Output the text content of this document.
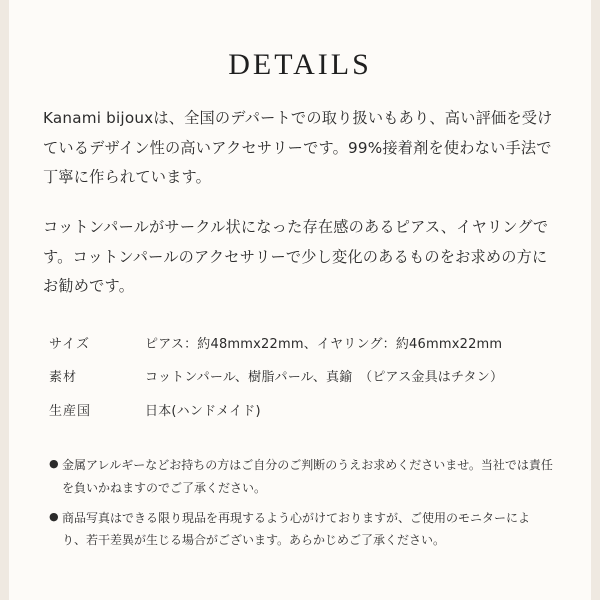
DETAILS

Kanami bijouxは、全国のデパートでの取り扱いもあり、高い評価を受けているデザイン性の高いアクセサリーです。99%接着剤を使わない手法で丁寧に作られています。

コットンパールがサークル状になった存在感のあるピアス、イヤリングです。コットンパールのアクセサリーで少し変化のあるものをお求めの方にお勧めです。

サイズ	ピアス：約48mmx22mm、イヤリング：約46mmx22mm
素材	コットンパール、樹脂パール、真鍮　（ピアス金具はチタン）
生産国	日本(ハンドメイド)
● 金属アレルギーなどお持ちの方はご自分のご判断のうえお求めくださいませ。当社では責任を負いかねますのでご了承ください。
● 商品写真はできる限り現品を再現するよう心がけておりますが、ご使用のモニターにより、若干差異が生じる場合がございます。あらかじめご了承ください。
